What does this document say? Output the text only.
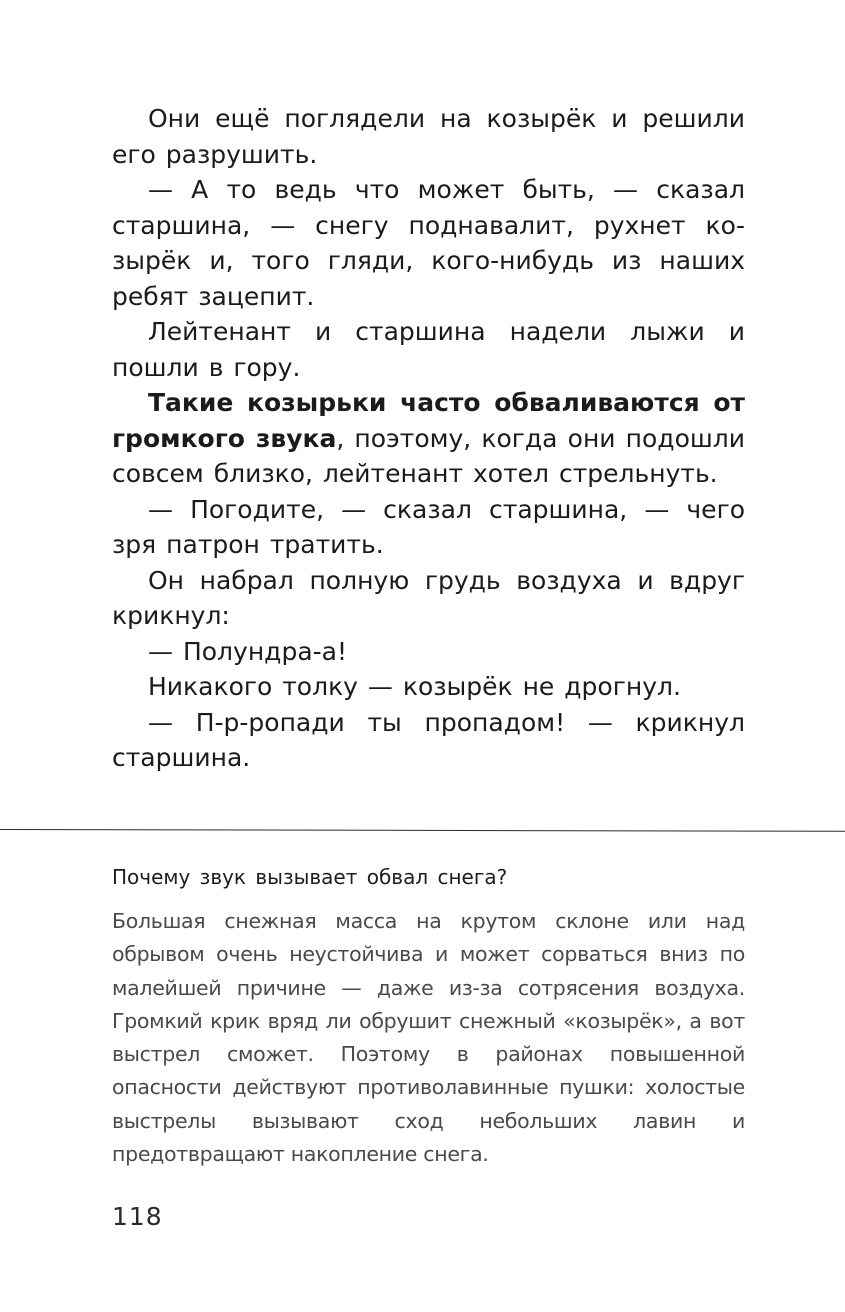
Они ещё поглядели на козырёк и решили его разрушить.

— А то ведь что может быть, — сказал старшина, — снегу поднавалит, рухнет козырёк и, того гляди, кого-нибудь из наших ребят зацепит.

Лейтенант и старшина надели лыжи и пошли в гору.

Такие козырьки часто обваливаются от громкого звука, поэтому, когда они подошли совсем близко, лейтенант хотел стрельнуть.

— Погодите, — сказал старшина, — чего зря патрон тратить.

Он набрал полную грудь воздуха и вдруг крикнул:

— Полундра-а!

Никакого толку — козырёк не дрогнул.

— П-р-ропади ты пропадом! — крикнул старшина.

Почему звук вызывает обвал снега?

Большая снежная масса на крутом склоне или над обрывом очень неустойчива и может сорваться вниз по малейшей причине — даже из-за сотрясения воздуха. Громкий крик вряд ли обрушит снежный «козырёк», а вот выстрел сможет. Поэтому в районах повышенной опасности действуют противолавинные пушки: холостые выстрелы вызывают сход небольших лавин и предотвращают накопление снега.

118
